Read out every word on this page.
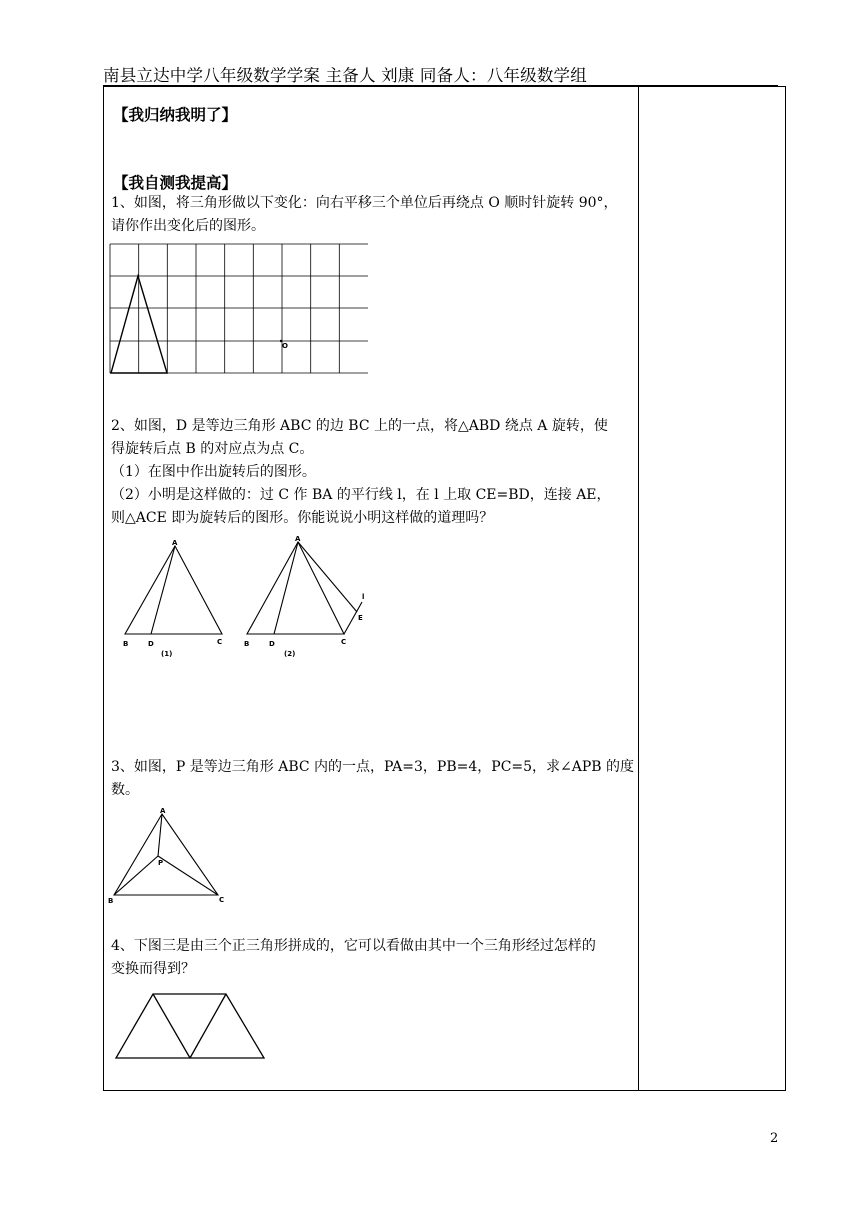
南县立达中学八年级数学学案 主备人 刘康 同备人：八年级数学组
【我归纳我明了】
【我自测我提高】
1、如图，将三角形做以下变化：向右平移三个单位后再绕点 O 顺时针旋转 90°，
请你作出变化后的图形。
O
2、如图，D 是等边三角形 ABC 的边 BC 上的一点，将△ABD 绕点 A 旋转，使
得旋转后点 B 的对应点为点 C。
（1）在图中作出旋转后的图形。
（2）小明是这样做的：过 C 作 BA 的平行线 l，在 l 上取 CE=BD，连接 AE，
则△ACE 即为旋转后的图形。你能说说小明这样做的道理吗？
A
B	D	C
(1)
A
B	D	C
l
E
(2)
3、如图，P 是等边三角形 ABC 内的一点，PA=3，PB=4，PC=5，求∠APB 的度
数。
A
P
B	C
4、下图三是由三个正三角形拼成的，它可以看做由其中一个三角形经过怎样的
变换而得到？
2
